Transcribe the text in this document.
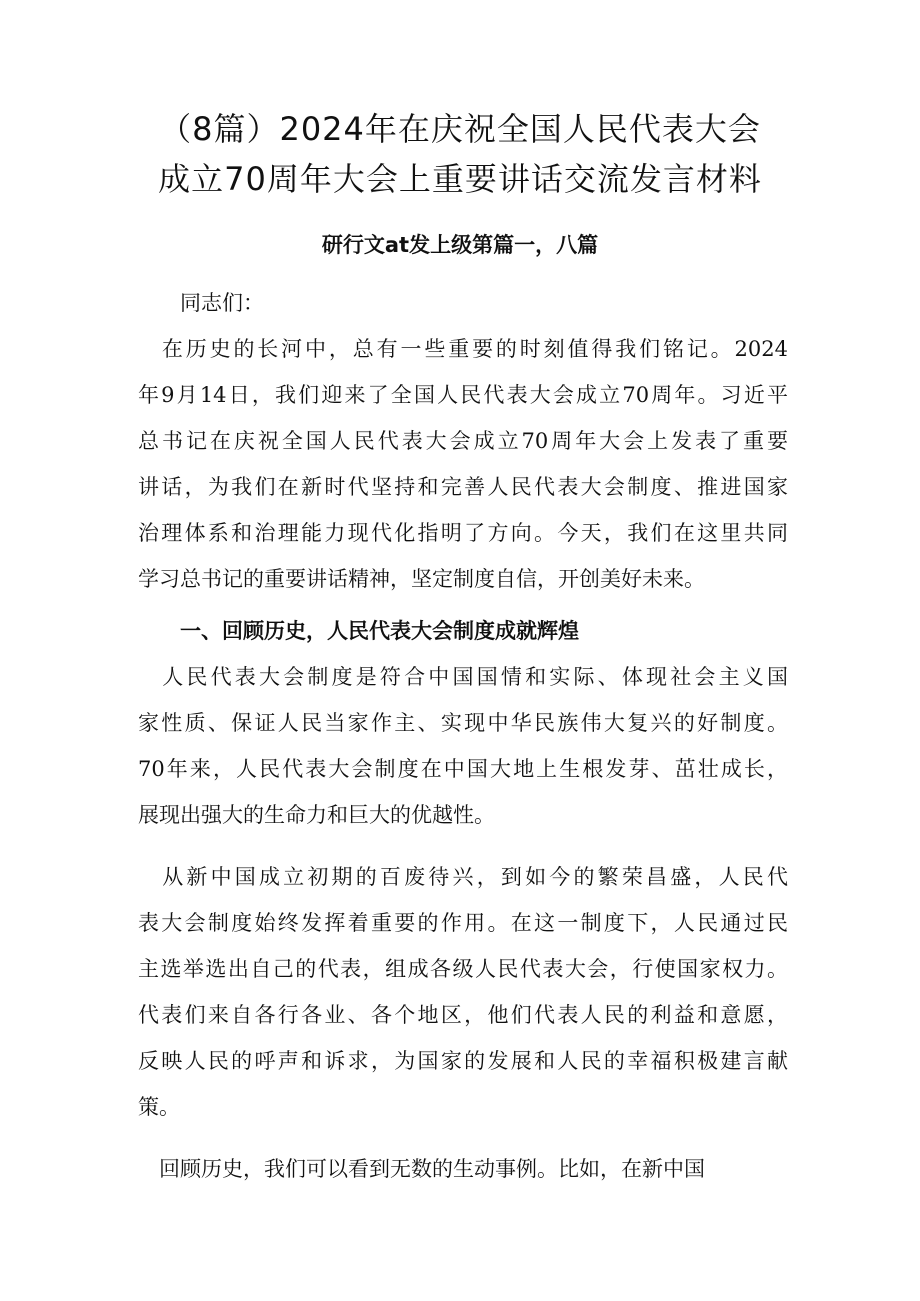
（8篇）2024年在庆祝全国人民代表大会
成立70周年大会上重要讲话交流发言材料
研行文at发上级第篇一，八篇

同志们：

　在历史的长河中，总有一些重要的时刻值得我们铭记。2024
年9月14日，我们迎来了全国人民代表大会成立70周年。习近平
总书记在庆祝全国人民代表大会成立70周年大会上发表了重要
讲话，为我们在新时代坚持和完善人民代表大会制度、推进国家
治理体系和治理能力现代化指明了方向。今天，我们在这里共同
学习总书记的重要讲话精神，坚定制度自信，开创美好未来。

一、回顾历史，人民代表大会制度成就辉煌

　人民代表大会制度是符合中国国情和实际、体现社会主义国
家性质、保证人民当家作主、实现中华民族伟大复兴的好制度。
70年来，人民代表大会制度在中国大地上生根发芽、茁壮成长，
展现出强大的生命力和巨大的优越性。
　从新中国成立初期的百废待兴，到如今的繁荣昌盛，人民代
表大会制度始终发挥着重要的作用。在这一制度下，人民通过民
主选举选出自己的代表，组成各级人民代表大会，行使国家权力。
代表们来自各行各业、各个地区，他们代表人民的利益和意愿，
反映人民的呼声和诉求，为国家的发展和人民的幸福积极建言献
策。
　回顾历史，我们可以看到无数的生动事例。比如，在新中国
